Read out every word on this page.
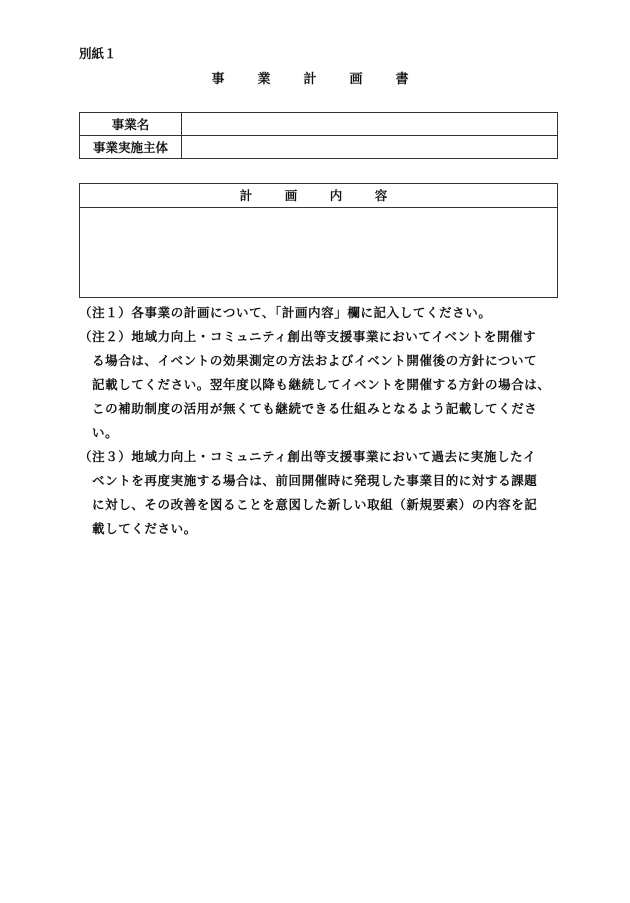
別紙１
事　業　計　画　書
事業名	
事業実施主体	
計　画　内　容
（注１）各事業の計画について、「計画内容」欄に記入してください。
（注２）地域力向上・コミュニティ創出等支援事業においてイベントを開催す
る場合は、イベントの効果測定の方法およびイベント開催後の方針について
記載してください。翌年度以降も継続してイベントを開催する方針の場合は、
この補助制度の活用が無くても継続できる仕組みとなるよう記載してくださ
い。
（注３）地域力向上・コミュニティ創出等支援事業において過去に実施したイ
ベントを再度実施する場合は、前回開催時に発現した事業目的に対する課題
に対し、その改善を図ることを意図した新しい取組（新規要素）の内容を記
載してください。
